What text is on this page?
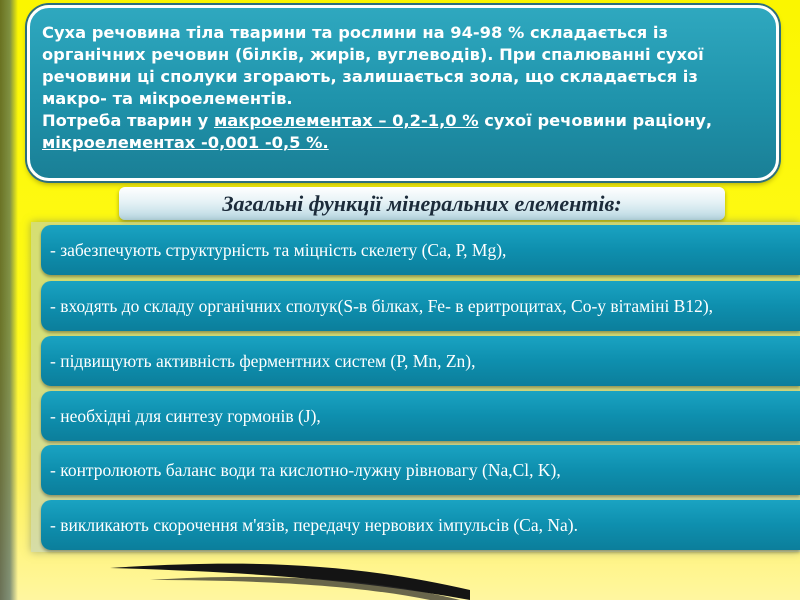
Суха речовина тіла тварини та рослини на 94-98 % складається із органічних речовин (білків, жирів, вуглеводів). При спалюванні сухої речовини ці сполуки згорають, залишається зола, що складається із макро- та мікроелементів.
Потреба тварин у макроелементах – 0,2-1,0 % сухої речовини раціону, мікроелементах -0,001 -0,5 %.

Загальні функції мінеральних елементів:
- забезпечують структурність та міцність скелету (Са, Р, Mg),
- входять до складу органічних сполук(S-в білках, Fe- в еритроцитах, Со-у вітаміні В12),
- підвищують активність ферментних систем (P, Mn, Zn),
- необхідні для синтезу гормонів (J),
- контролюють баланс води та кислотно-лужну рівновагу (Na,Cl, K),
- викликають скорочення м'язів, передачу нервових імпульсів (Са, Na).
